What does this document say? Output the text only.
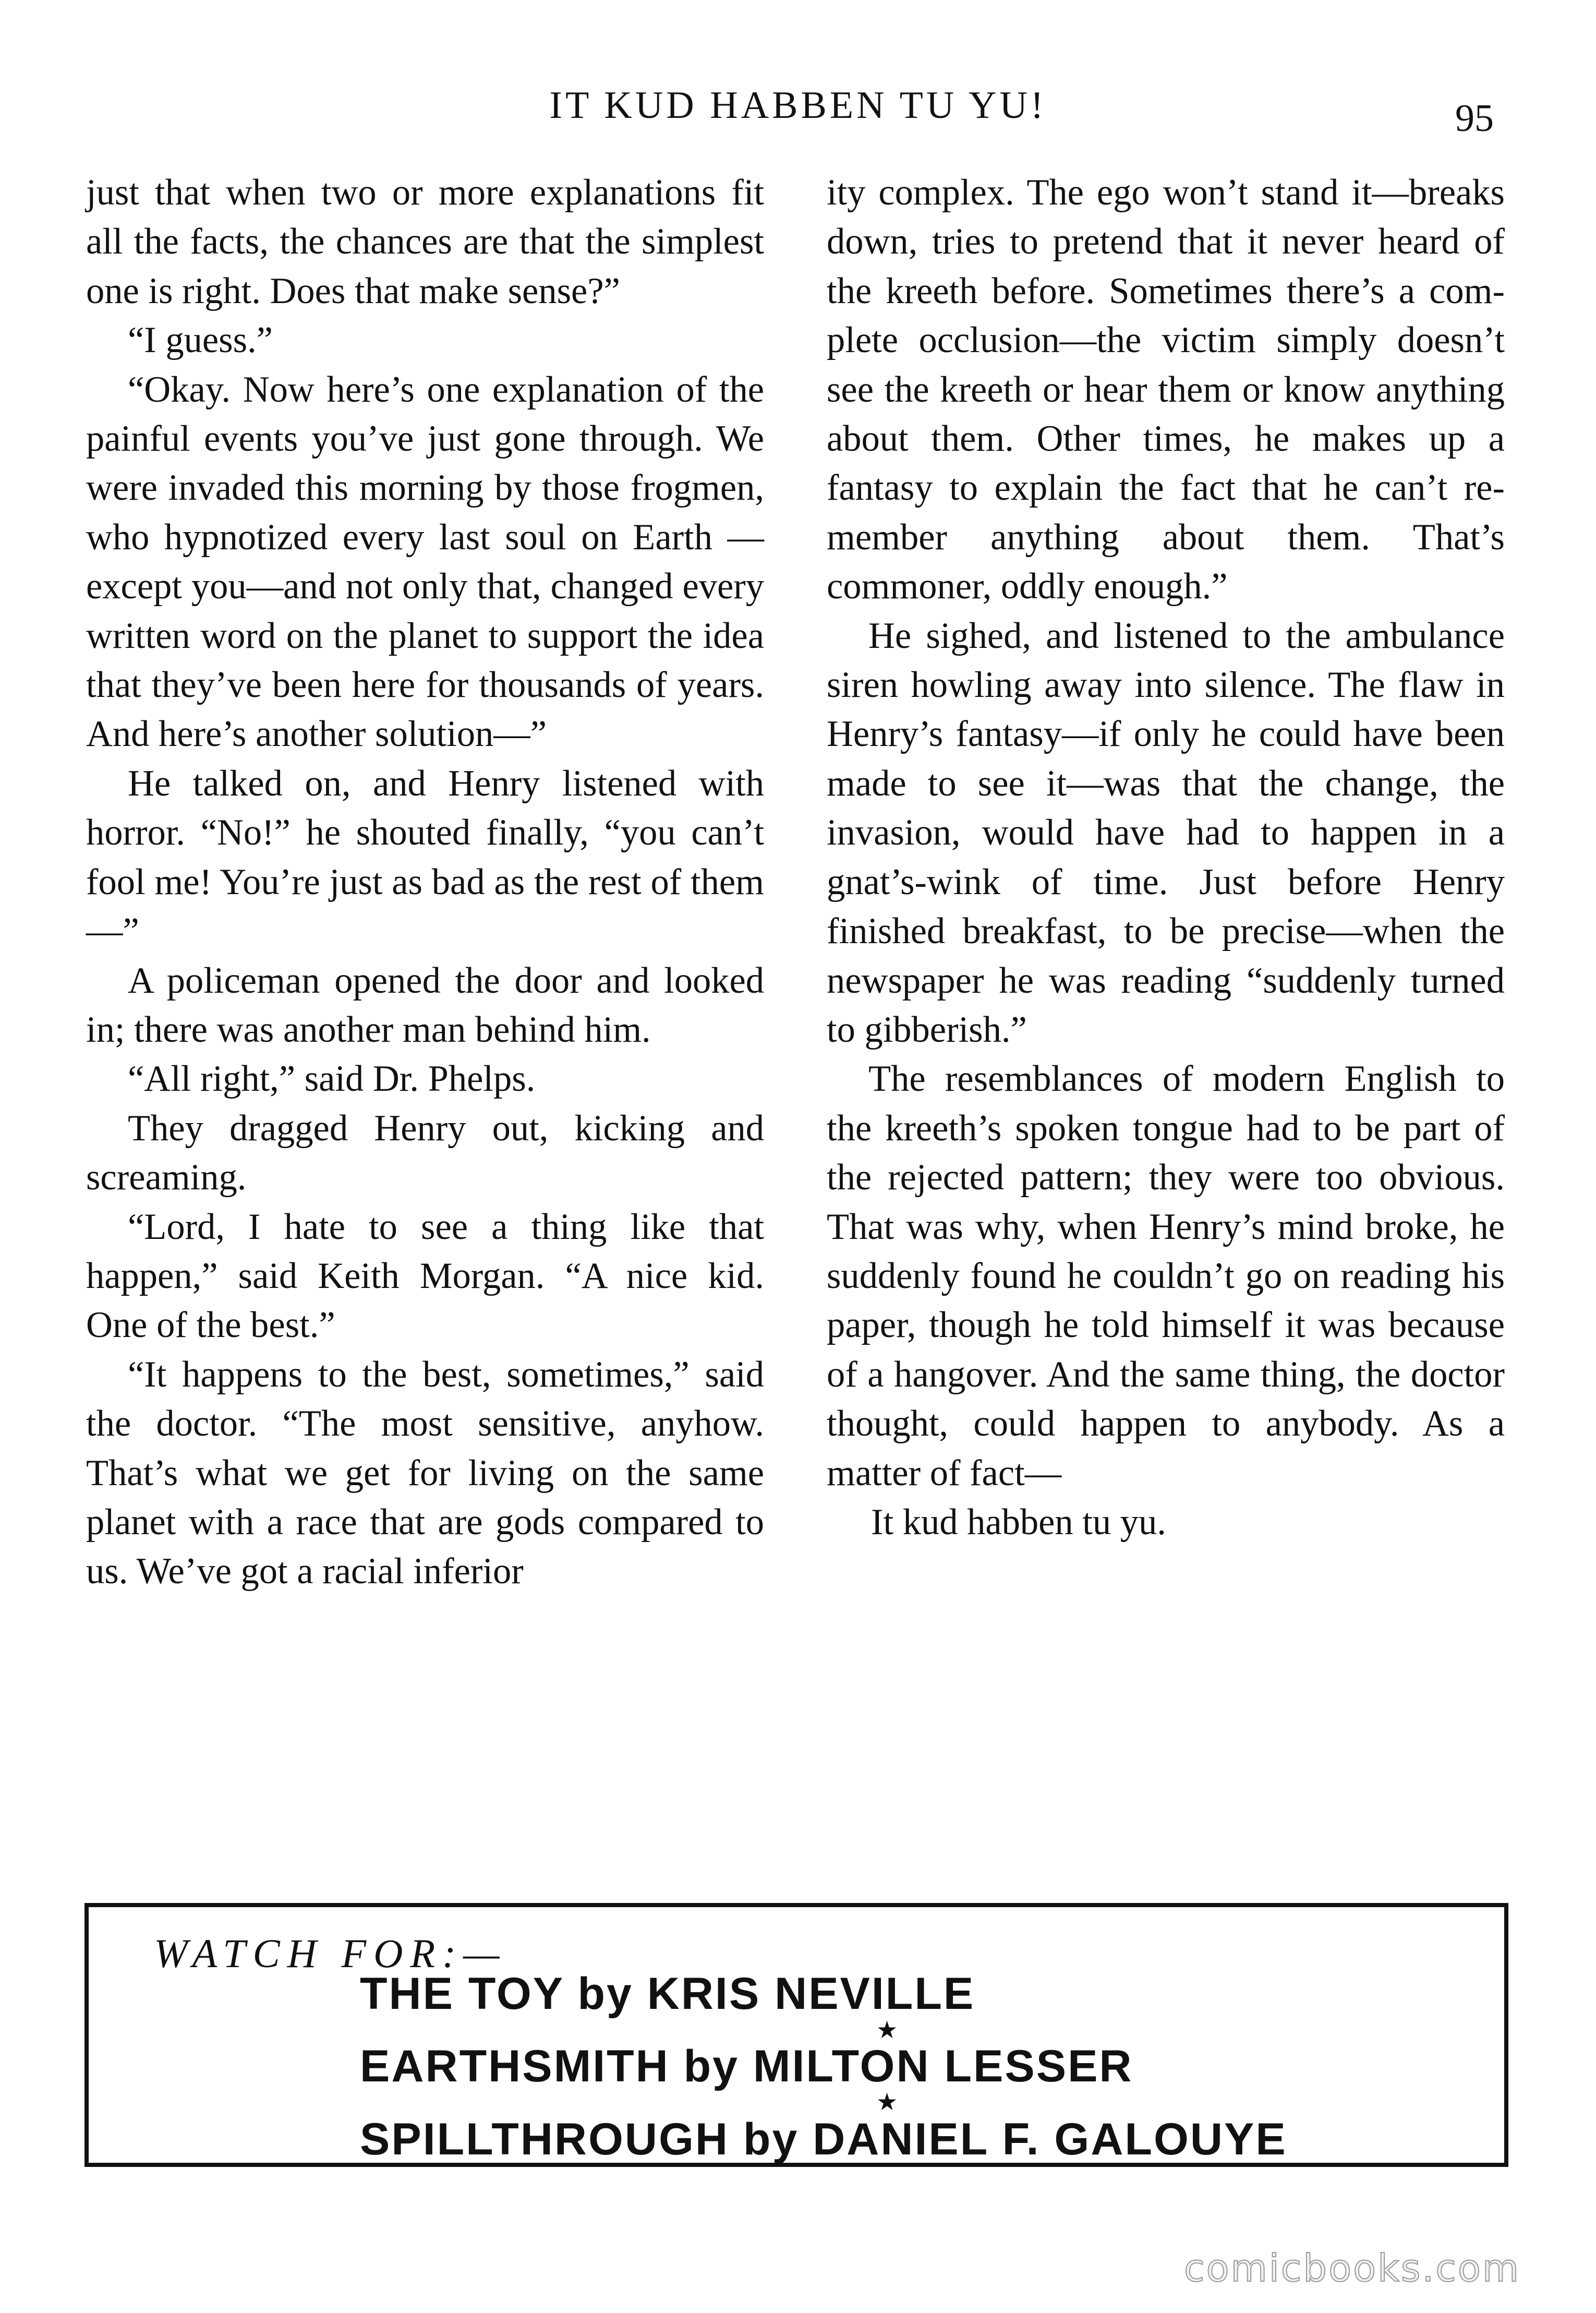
IT KUD HABBEN TU YU!	95

just that when two or more explanations fit all the facts, the chances are that the simplest one is right. Does that make sense?”

“I guess.”

“Okay. Now here’s one explanation of the painful events you’ve just gone through. We were invaded this morning by those frogmen, who hypnotized every last soul on Earth —except you—and not only that, changed every written word on the planet to support the idea that they’ve been here for thousands of years. And here’s another solution—”

He talked on, and Henry listened with horror. “No!” he shouted finally, “you can’t fool me! You’re just as bad as the rest of them—”

A policeman opened the door and looked in; there was another man behind him.

“All right,” said Dr. Phelps.

They dragged Henry out, kicking and screaming.

“Lord, I hate to see a thing like that happen,” said Keith Morgan. “A nice kid. One of the best.”

“It happens to the best, sometimes,” said the doctor. “The most sensitive, anyhow. That’s what we get for living on the same planet with a race that are gods compared to us. We’ve got a racial inferior

ity complex. The ego won’t stand it—breaks down, tries to pretend that it never heard of the kreeth before. Sometimes there’s a complete occlusion—the victim simply doesn’t see the kreeth or hear them or know anything about them. Other times, he makes up a fantasy to explain the fact that he can’t remember anything about them. That’s commoner, oddly enough.”

He sighed, and listened to the ambulance siren howling away into silence. The flaw in Henry’s fantasy—if only he could have been made to see it—was that the change, the invasion, would have had to happen in a gnat’s-wink of time. Just before Henry finished breakfast, to be precise—when the newspaper he was reading “suddenly turned to gibberish.”

The resemblances of modern English to the kreeth’s spoken tongue had to be part of the rejected pattern; they were too obvious. That was why, when Henry’s mind broke, he suddenly found he couldn’t go on reading his paper, though he told himself it was because of a hangover. And the same thing, the doctor thought, could happen to anybody. As a matter of fact—

It kud habben tu yu.

WATCH FOR:—
THE TOY by KRIS NEVILLE
★
EARTHSMITH by MILTON LESSER
★
SPILLTHROUGH by DANIEL F. GALOUYE
comicbooks.com
